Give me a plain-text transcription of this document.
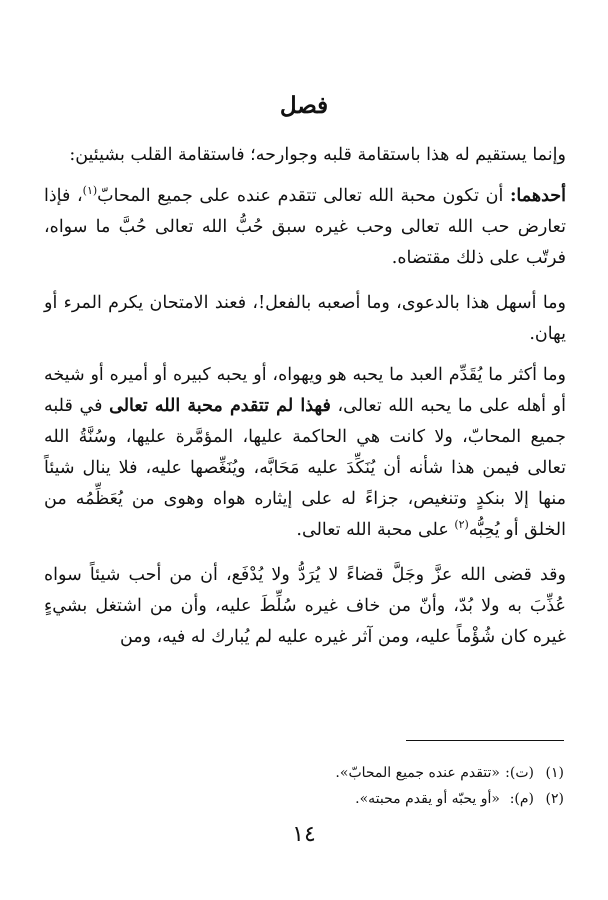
فصل

وإنما يستقيم له هذا باستقامة قلبه وجوارحه؛ فاستقامة القلب بشيئين:

أحدهما: أن تكون محبة الله تعالى تتقدم عنده على جميع المحابّ$^{(١)}$، فإذا تعارض حب الله تعالى وحب غيره سبق حُبُّ الله تعالى حُبَّ ما سواه، فرتّب على ذلك مقتضاه.

وما أسهل هذا بالدعوى، وما أصعبه بالفعل!، فعند الامتحان يكرم المرء أو يهان.

وما أكثر ما يُقَدِّم العبد ما يحبه هو ويهواه، أو يحبه كبيره أو أميره أو شيخه أو أهله على ما يحبه الله تعالى، فهذا لم تتقدم محبة الله تعالى في قلبه جميع المحابّ، ولا كانت هي الحاكمة عليها، المؤمَّرة عليها، وسُنَّةُ الله تعالى فيمن هذا شأنه أن يُنَكِّدَ عليه مَحَابَّه، ويُنَغِّصها عليه، فلا ينال شيئاً منها إلا بنكدٍ وتنغيص، جزاءً له على إيثاره هواه وهوى من يُعَظِّمُه من الخلق أو يُحِبُّه$^{(٢)}$ على محبة الله تعالى.

وقد قضى الله عزَّ وجَلَّ قضاءً لا يُرَدُّ ولا يُدْفَع، أن من أحب شيئاً سواه عُذِّبَ به ولا بُدّ، وأنّ من خاف غيره سُلِّطَ عليه، وأن من اشتغل بشيءٍ غيره كان شُؤْماً عليه، ومن آثر غيره عليه لم يُبارك له فيه، ومن

(١)(ت):«تتقدم عنده جميع المحابّ».
(٢)(م):«أو يحبّه أو يقدم محبته».
١٤
